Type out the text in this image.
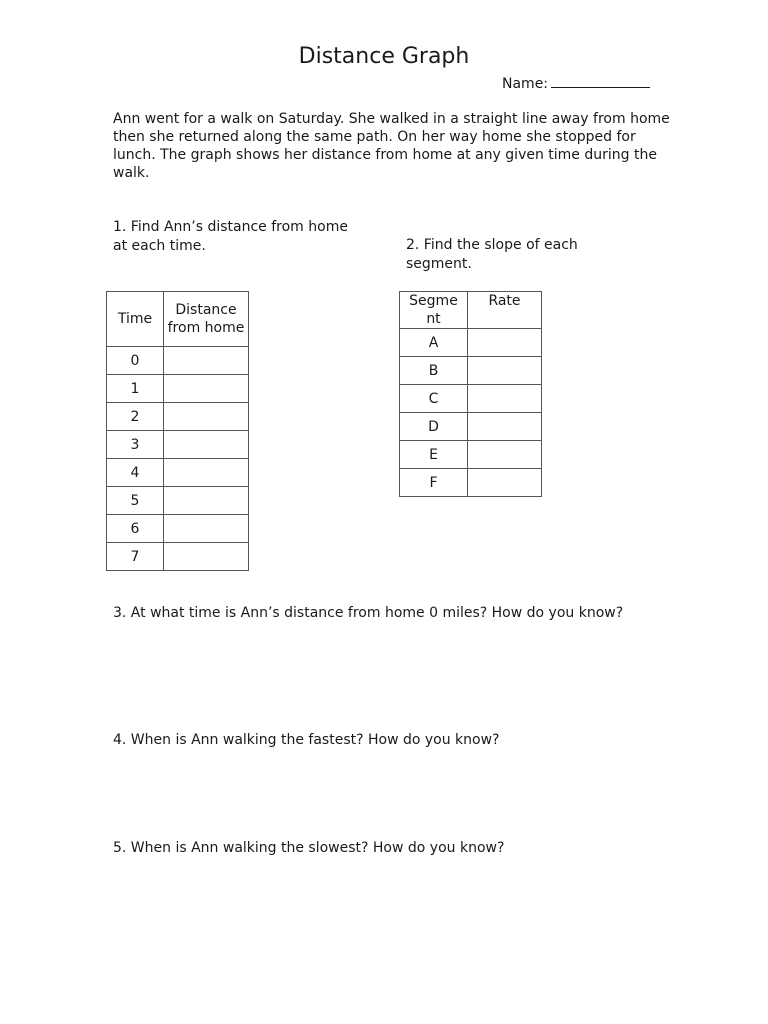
Distance Graph
Name:
Ann went for a walk on Saturday. She walked in a straight line away from home then she returned along the same path. On her way home she stopped for lunch. The graph shows her distance from home at any given time during the walk.
1. Find Ann’s distance from home
at each time.	2. Find the slope of each segment.
Time	Distance from home
0	
1	
2	
3	
4	
5	
6	
7	
Segme nt	Rate
A	
B	
C	
D	
E	
F	
3. At what time is Ann’s distance from home 0 miles? How do you know?
4. When is Ann walking the fastest? How do you know?
5. When is Ann walking the slowest? How do you know?
